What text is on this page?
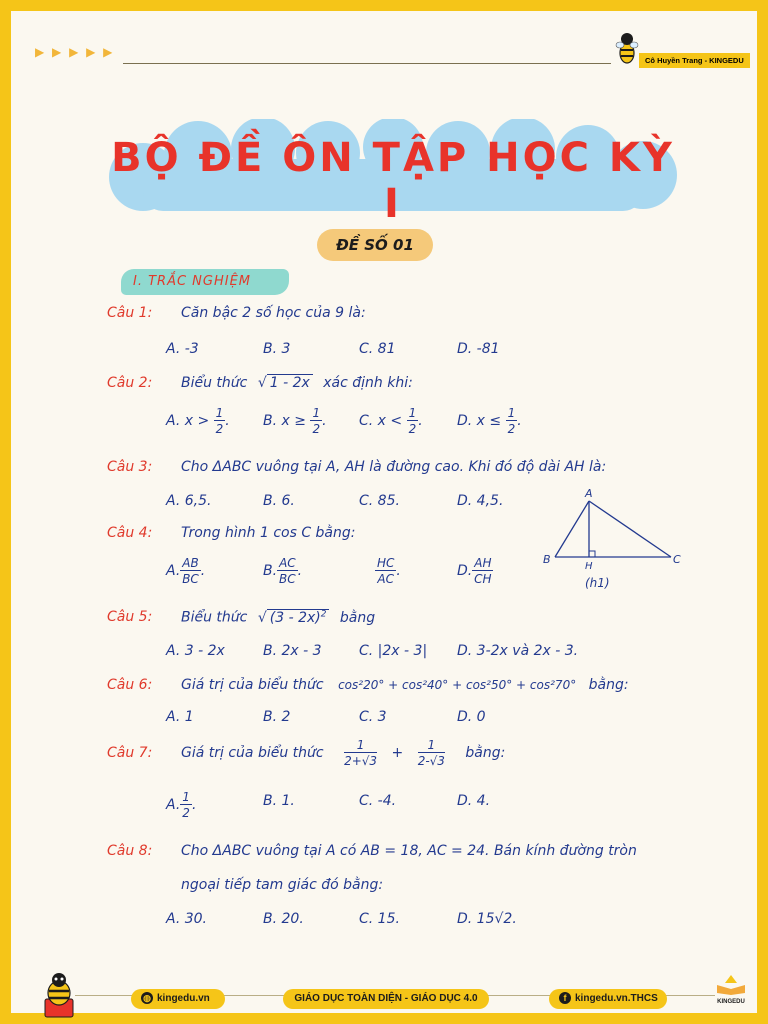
▶ ▶ ▶ ▶ ▶
Cô Huyền Trang - KINGEDU
BỘ ĐỀ ÔN TẬP HỌC KỲ I
ĐỀ SỐ 01
I. TRẮC NGHIỆM
Câu 1: Căn bậc 2 số học của 9 là:
A. -3	B. 3	C. 81	D. -81
Câu 2: Biểu thức √ 1 - 2x xác định khi:
A. $x > \frac{1}{2}$ . B. $x \ge \frac{1}{2}$ . C. $x < \frac{1}{2}$ . D. $x \le \frac{1}{2}$ .
Câu 3: Cho ΔABC vuông tại A, AH là đường cao. Khi đó độ dài AH là:
A. 6,5.	B. 6.	C. 85.	D. 4,5.	A
B	C
H
(h1)
Câu 4: Trong hình 1 cos C bằng:
A. $\frac{AB}{BC}$ .	B. $\frac{AC}{BC}$ .	$\frac{HC}{AC}$ .	D. $\frac{AH}{CH}$
Câu 5: Biểu thức √ (3 - 2x)$^2$ bằng
A. 3 - 2x	B. 2x - 3	C. |2x - 3| D. 3-2x và 2x - 3.
Câu 6: Giá trị của biểu thức cos²20° + cos²40° + cos²50° + cos²70° bằng:
A. 1	B. 2	C. 3	D. 0
Câu 7: Giá trị của biểu thức $\frac{1}{2+√3} + \frac{1}{2-√3}$ bằng:
A. $\frac{1}{2}$ .	B. 1.	C. -4.	D. 4.
Câu 8: Cho ΔABC vuông tại A có AB = 18, AC = 24. Bán kính đường tròn
ngoại tiếp tam giác đó bằng:
A. 30.	B. 20.	C. 15.	D. 15√2.
◍ kingedu.vn	GIÁO DỤC TOÀN DIỆN - GIÁO DỤC 4.0	f kingedu.vn.THCS	KINGEDU
